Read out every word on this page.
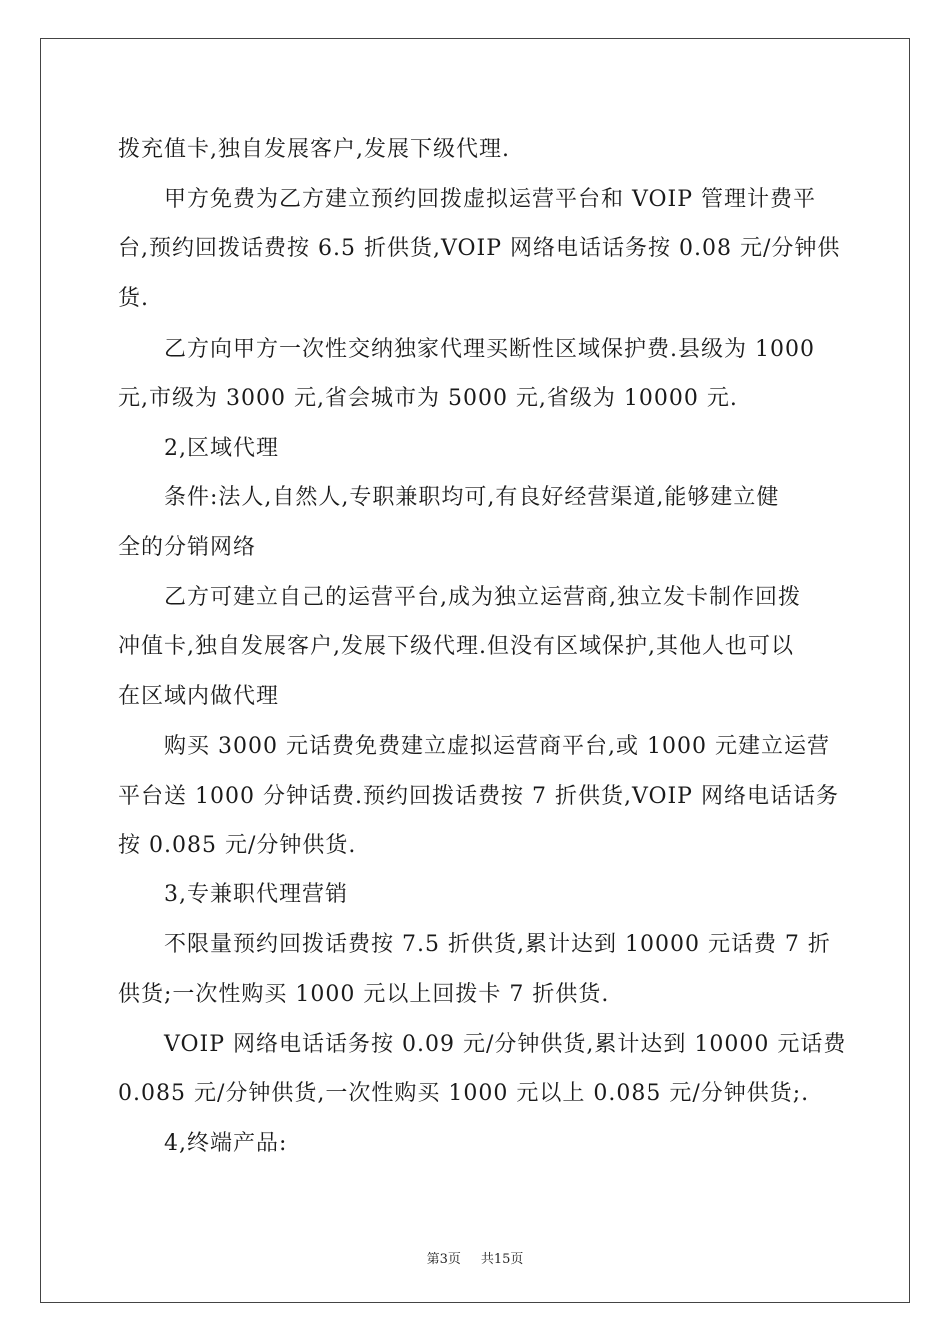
拨充值卡,独自发展客户,发展下级代理.
甲方免费为乙方建立预约回拨虚拟运营平台和 VOIP 管理计费平
台,预约回拨话费按 6.5 折供货,VOIP 网络电话话务按 0.08 元/分钟供
货.
乙方向甲方一次性交纳独家代理买断性区域保护费.县级为 1000
元,市级为 3000 元,省会城市为 5000 元,省级为 10000 元.
2,区域代理
条件:法人,自然人,专职兼职均可,有良好经营渠道,能够建立健
全的分销网络
乙方可建立自己的运营平台,成为独立运营商,独立发卡制作回拨
冲值卡,独自发展客户,发展下级代理.但没有区域保护,其他人也可以
在区域内做代理
购买 3000 元话费免费建立虚拟运营商平台,或 1000 元建立运营
平台送 1000 分钟话费.预约回拨话费按 7 折供货,VOIP 网络电话话务
按 0.085 元/分钟供货.
3,专兼职代理营销
不限量预约回拨话费按 7.5 折供货,累计达到 10000 元话费 7 折
供货;一次性购买 1000 元以上回拨卡 7 折供货.
VOIP 网络电话话务按 0.09 元/分钟供货,累计达到 10000 元话费
0.085 元/分钟供货,一次性购买 1000 元以上 0.085 元/分钟供货;.
4,终端产品:
第3页 共15页
